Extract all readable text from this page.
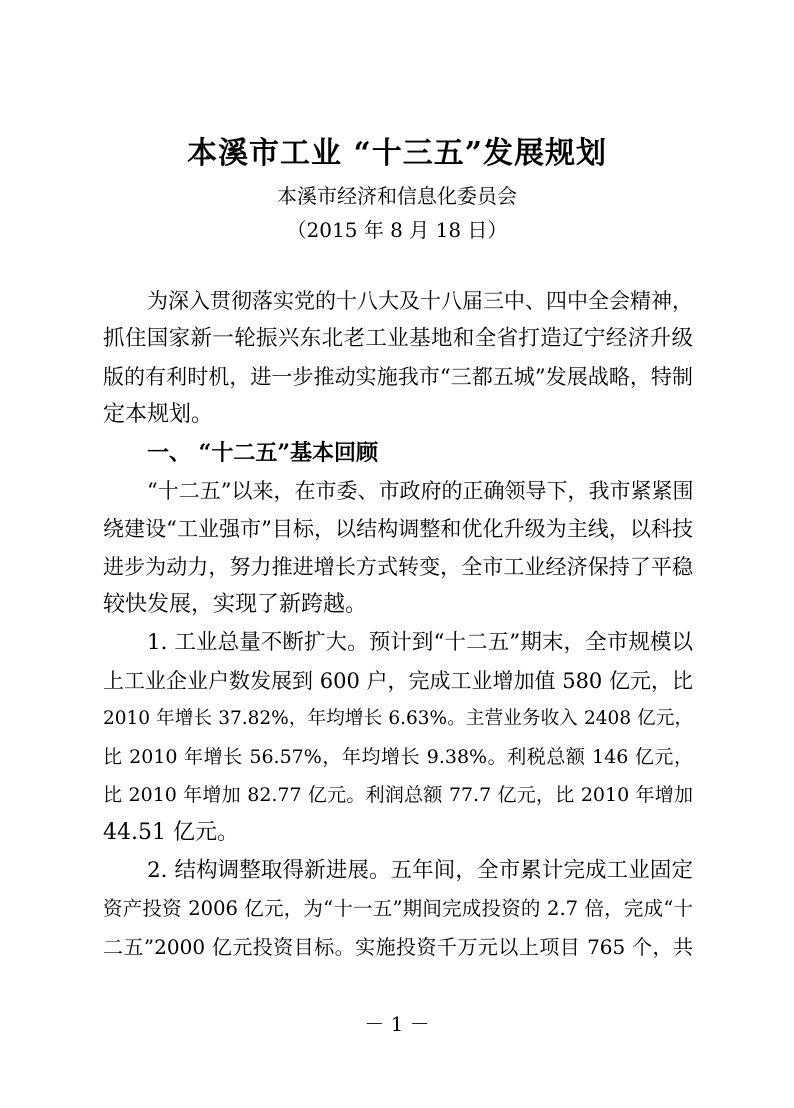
本溪市工业 “十三五”发展规划
本溪市经济和信息化委员会
（2015 年 8 月 18 日）
为深入贯彻落实党的十八大及十八届三中、四中全会精神，
抓住国家新一轮振兴东北老工业基地和全省打造辽宁经济升级
版的有利时机，进一步推动实施我市“三都五城”发展战略，特制
定本规划。
一、 “十二五”基本回顾
“十二五”以来，在市委、市政府的正确领导下，我市紧紧围
绕建设“工业强市”目标，以结构调整和优化升级为主线，以科技
进步为动力，努力推进增长方式转变，全市工业经济保持了平稳
较快发展，实现了新跨越。
1. 工业总量不断扩大。预计到“十二五”期末，全市规模以
上工业企业户数发展到 600 户，完成工业增加值 580 亿元，比
2010 年增长 37.82%，年均增长 6.63%。主营业务收入 2408 亿元，
比 2010 年增长 56.57%，年均增长 9.38%。利税总额 146 亿元，
比 2010 年增加 82.77 亿元。利润总额 77.7 亿元，比 2010 年增加
44.51 亿元。
2. 结构调整取得新进展。五年间，全市累计完成工业固定
资产投资 2006 亿元，为“十一五”期间完成投资的 2.7 倍，完成“十
二五”2000 亿元投资目标。实施投资千万元以上项目 765 个，共
－ 1 －
